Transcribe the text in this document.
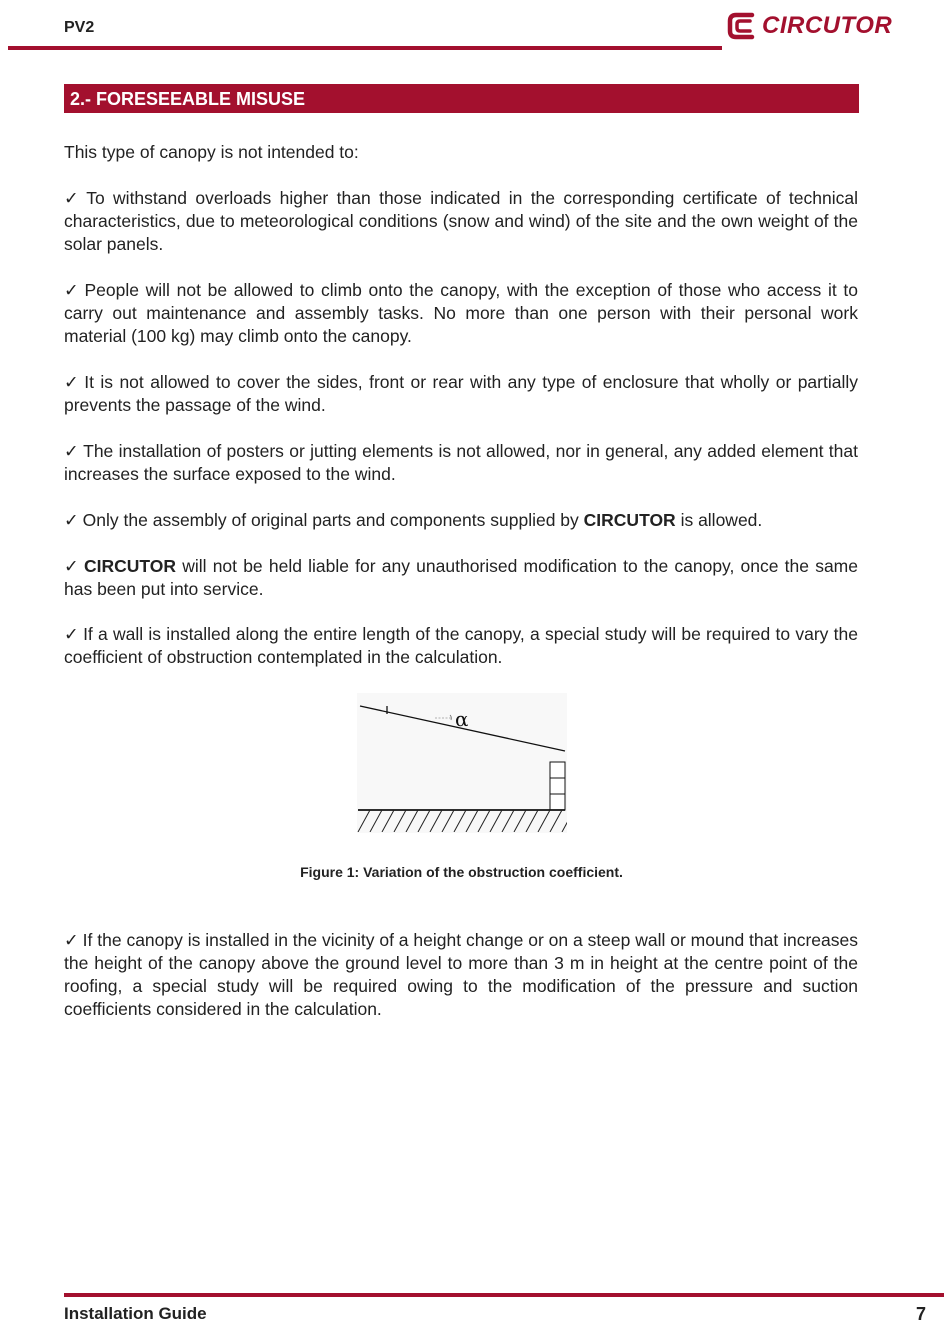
PV2	CIRCUTOR
2.- FORESEEABLE MISUSE
This type of canopy is not intended to:
✓ To withstand overloads higher than those indicated in the corresponding certificate of technical characteristics, due to meteorological conditions (snow and wind) of the site and the own weight of the solar panels.
✓ People will not be allowed to climb onto the canopy, with the exception of those who access it to carry out maintenance and assembly tasks. No more than one person with their personal work material (100 kg) may climb onto the canopy.
✓ It is not allowed to cover the sides, front or rear with any type of enclosure that wholly or partially prevents the passage of the wind.
✓ The installation of posters or jutting elements is not allowed, nor in general, any added element that increases the surface exposed to the wind.
✓ Only the assembly of original parts and components supplied by CIRCUTOR is allowed.
✓ CIRCUTOR will not be held liable for any unauthorised modification to the canopy, once the same has been put into service.
✓ If a wall is installed along the entire length of the canopy, a special study will be required to vary the coefficient of obstruction contemplated in the calculation.
α
Figure 1: Variation of the obstruction coefficient.
✓ If the canopy is installed in the vicinity of a height change or on a steep wall or mound that increases the height of the canopy above the ground level to more than 3 m in height at the centre point of the roofing, a special study will be required owing to the modification of the pressure and suction coefficients considered in the calculation.
Installation Guide	7
